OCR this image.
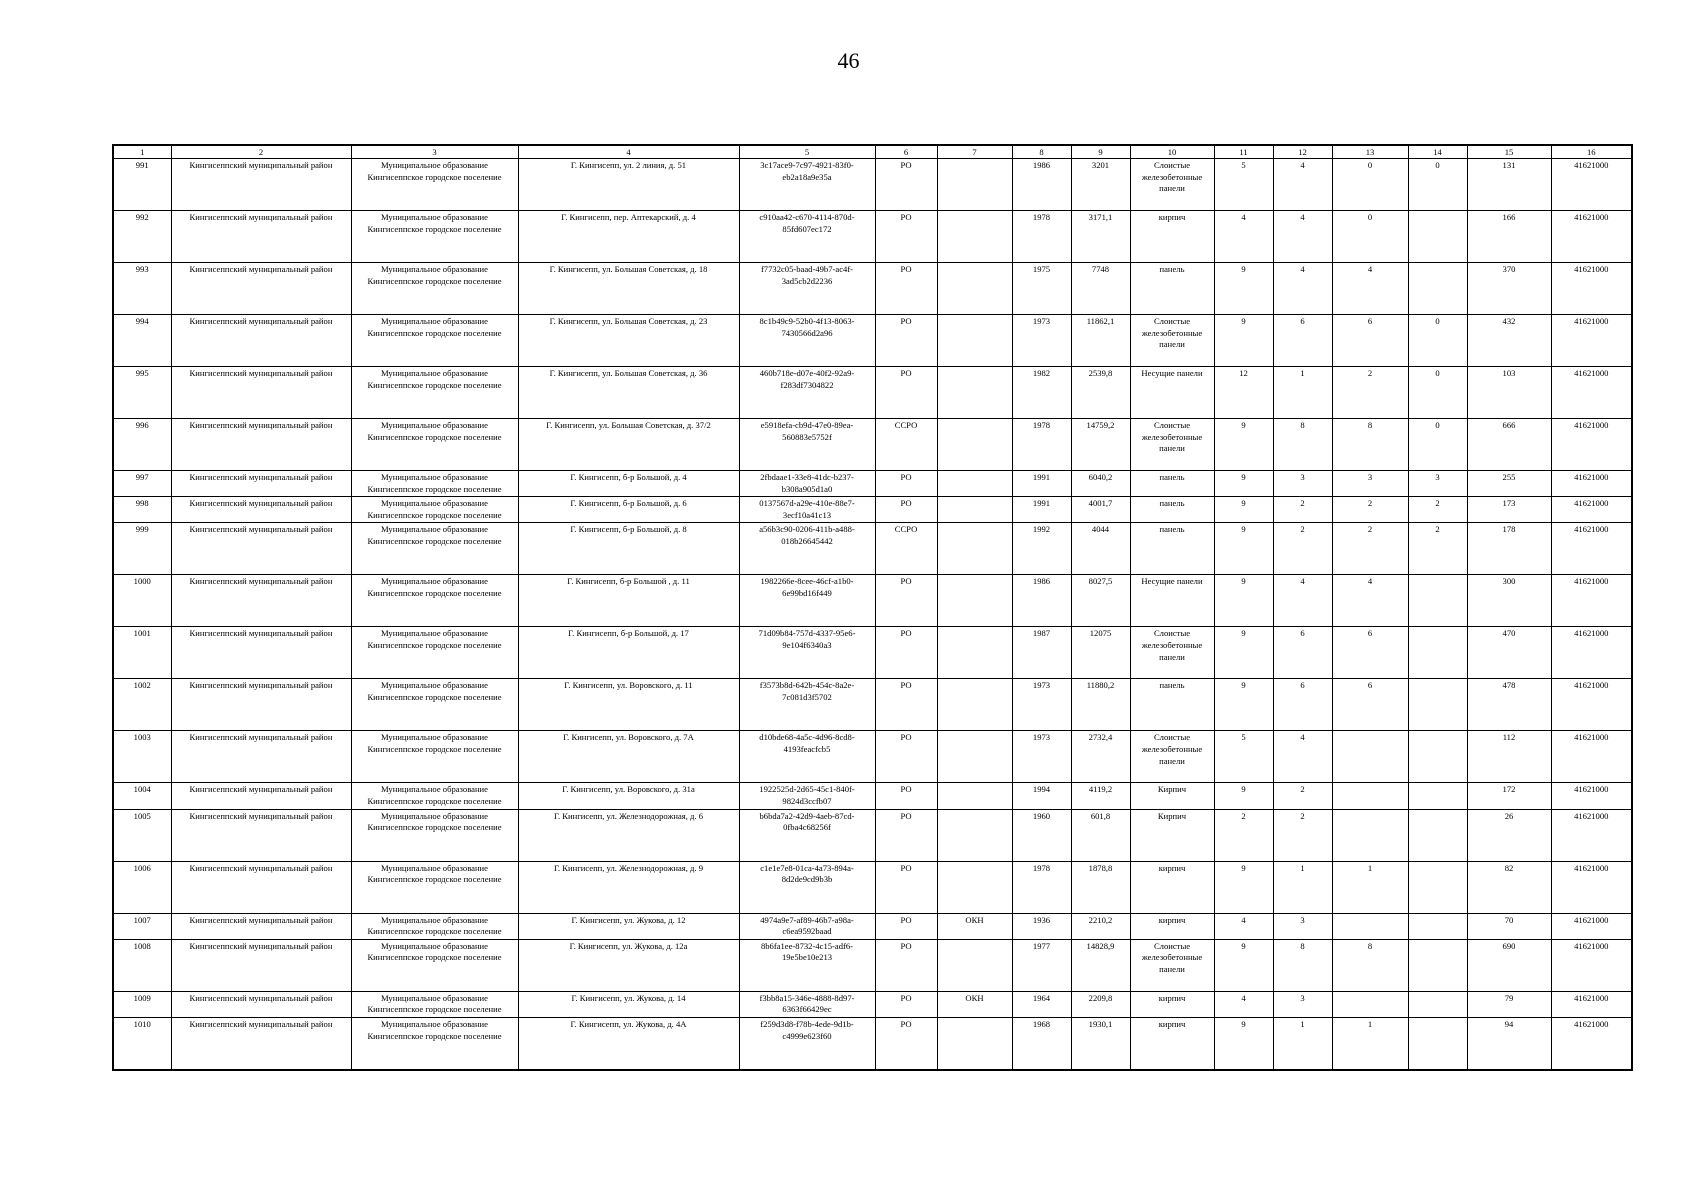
46
1	2	3	4	5	6	7	8	9	10	11	12	13	14	15	16
991	Кингисеппский муниципальный район	Муниципальное образование Кингисеппское городское поселение	Г. Кингисепп, ул. 2 линия, д. 51	3c17ace9-7c97-4921-83f0-eb2a18a9e35a	РО		1986	3201	Слоистые железобетонные панели	5	4	0	0	131	41621000
992	Кингисеппский муниципальный район	Муниципальное образование Кингисеппское городское поселение	Г. Кингисепп, пер. Аптекарский, д. 4	c910aa42-c670-4114-870d-85fd607ec172	РО		1978	3171,1	кирпич	4	4	0		166	41621000
993	Кингисеппский муниципальный район	Муниципальное образование Кингисеппское городское поселение	Г. Кингисепп, ул. Большая Советская, д. 18	f7732c05-baad-49b7-ac4f-3ad5cb2d2236	РО		1975	7748	панель	9	4	4		370	41621000
994	Кингисеппский муниципальный район	Муниципальное образование Кингисеппское городское поселение	Г. Кингисепп, ул. Большая Советская, д. 23	8c1b49c9-52b0-4f13-8063-7430566d2a96	РО		1973	11862,1	Слоистые железобетонные панели	9	6	6	0	432	41621000
995	Кингисеппский муниципальный район	Муниципальное образование Кингисеппское городское поселение	Г. Кингисепп, ул. Большая Советская, д. 36	460b718e-d07e-40f2-92a9-f283df7304822	РО		1982	2539,8	Несущие панели	12	1	2	0	103	41621000
996	Кингисеппский муниципальный район	Муниципальное образование Кингисеппское городское поселение	Г. Кингисепп, ул. Большая Советская, д. 37/2	e5918efa-cb9d-47e0-89ea-560883e5752f	ССРО		1978	14759,2	Слоистые железобетонные панели	9	8	8	0	666	41621000
997	Кингисеппский муниципальный район	Муниципальное образование Кингисеппское городское поселение	Г. Кингисепп, б-р Большой, д. 4	2fbdaae1-33e8-41dc-b237-b308a905d1a0	РО		1991	6040,2	панель	9	3	3	3	255	41621000
998	Кингисеппский муниципальный район	Муниципальное образование Кингисеппское городское поселение	Г. Кингисепп, б-р Большой, д. 6	0137567d-a29e-410e-88e7-3ecf10a41c13	РО		1991	4001,7	панель	9	2	2	2	173	41621000
999	Кингисеппский муниципальный район	Муниципальное образование Кингисеппское городское поселение	Г. Кингисепп, б-р Большой, д. 8	a56b3c90-0206-411b-a488-018b26645442	ССРО		1992	4044	панель	9	2	2	2	178	41621000
1000	Кингисеппский муниципальный район	Муниципальное образование Кингисеппское городское поселение	Г. Кингисепп, б-р Большой , д. 11	1982266e-8cee-46cf-a1b0-6e99bd16f449	РО		1986	8027,5	Несущие панели	9	4	4		300	41621000
1001	Кингисеппский муниципальный район	Муниципальное образование Кингисеппское городское поселение	Г. Кингисепп, б-р Большой, д. 17	71d09b84-757d-4337-95e6-9e104f6340a3	РО		1987	12075	Слоистые железобетонные панели	9	6	6		470	41621000
1002	Кингисеппский муниципальный район	Муниципальное образование Кингисеппское городское поселение	Г. Кингисепп, ул. Воровского, д. 11	f3573b8d-642b-454c-8a2e-7c081d3f5702	РО		1973	11880,2	панель	9	6	6		478	41621000
1003	Кингисеппский муниципальный район	Муниципальное образование Кингисеппское городское поселение	Г. Кингисепп, ул. Воровского, д. 7А	d10bde68-4a5c-4d96-8cd8-4193feacfcb5	РО		1973	2732,4	Слоистые железобетонные панели	5	4			112	41621000
1004	Кингисеппский муниципальный район	Муниципальное образование Кингисеппское городское поселение	Г. Кингисепп, ул. Воровского, д. 31а	1922525d-2d65-45c1-840f-9824d3ccfb07	РО		1994	4119,2	Кирпич	9	2			172	41621000
1005	Кингисеппский муниципальный район	Муниципальное образование Кингисеппское городское поселение	Г. Кингисепп, ул. Железнодорожная, д. 6	b6bda7a2-42d9-4aeb-87cd-0fba4c68256f	РО		1960	601,8	Кирпич	2	2			26	41621000
1006	Кингисеппский муниципальный район	Муниципальное образование Кингисеппское городское поселение	Г. Кингисепп, ул. Железнодорожная, д. 9	c1e1e7e8-01ca-4a73-894a-8d2de9cd9b3b	РО		1978	1878,8	кирпич	9	1	1		82	41621000
1007	Кингисеппский муниципальный район	Муниципальное образование Кингисеппское городское поселение	Г. Кингисепп, ул. Жукова, д. 12	4974a9e7-af89-46b7-a98a-c6ea9592baad	РО	ОКН	1936	2210,2	кирпич	4	3			70	41621000
1008	Кингисеппский муниципальный район	Муниципальное образование Кингисеппское городское поселение	Г. Кингисепп, ул. Жукова, д. 12а	8b6fa1ee-8732-4c15-adf6-19e5be10e213	РО		1977	14828,9	Слоистые железобетонные панели	9	8	8		690	41621000
1009	Кингисеппский муниципальный район	Муниципальное образование Кингисеппское городское поселение	Г. Кингисепп, ул. Жукова, д. 14	f3bb8a15-346e-4888-8d97-6363f66429ec	РО	ОКН	1964	2209,8	кирпич	4	3			79	41621000
1010	Кингисеппский муниципальный район	Муниципальное образование Кингисеппское городское поселение	Г. Кингисепп, ул. Жукова, д. 4А	f259d3d8-f78b-4ede-9d1b-c4999e623f60	РО		1968	1930,1	кирпич	9	1	1		94	41621000
